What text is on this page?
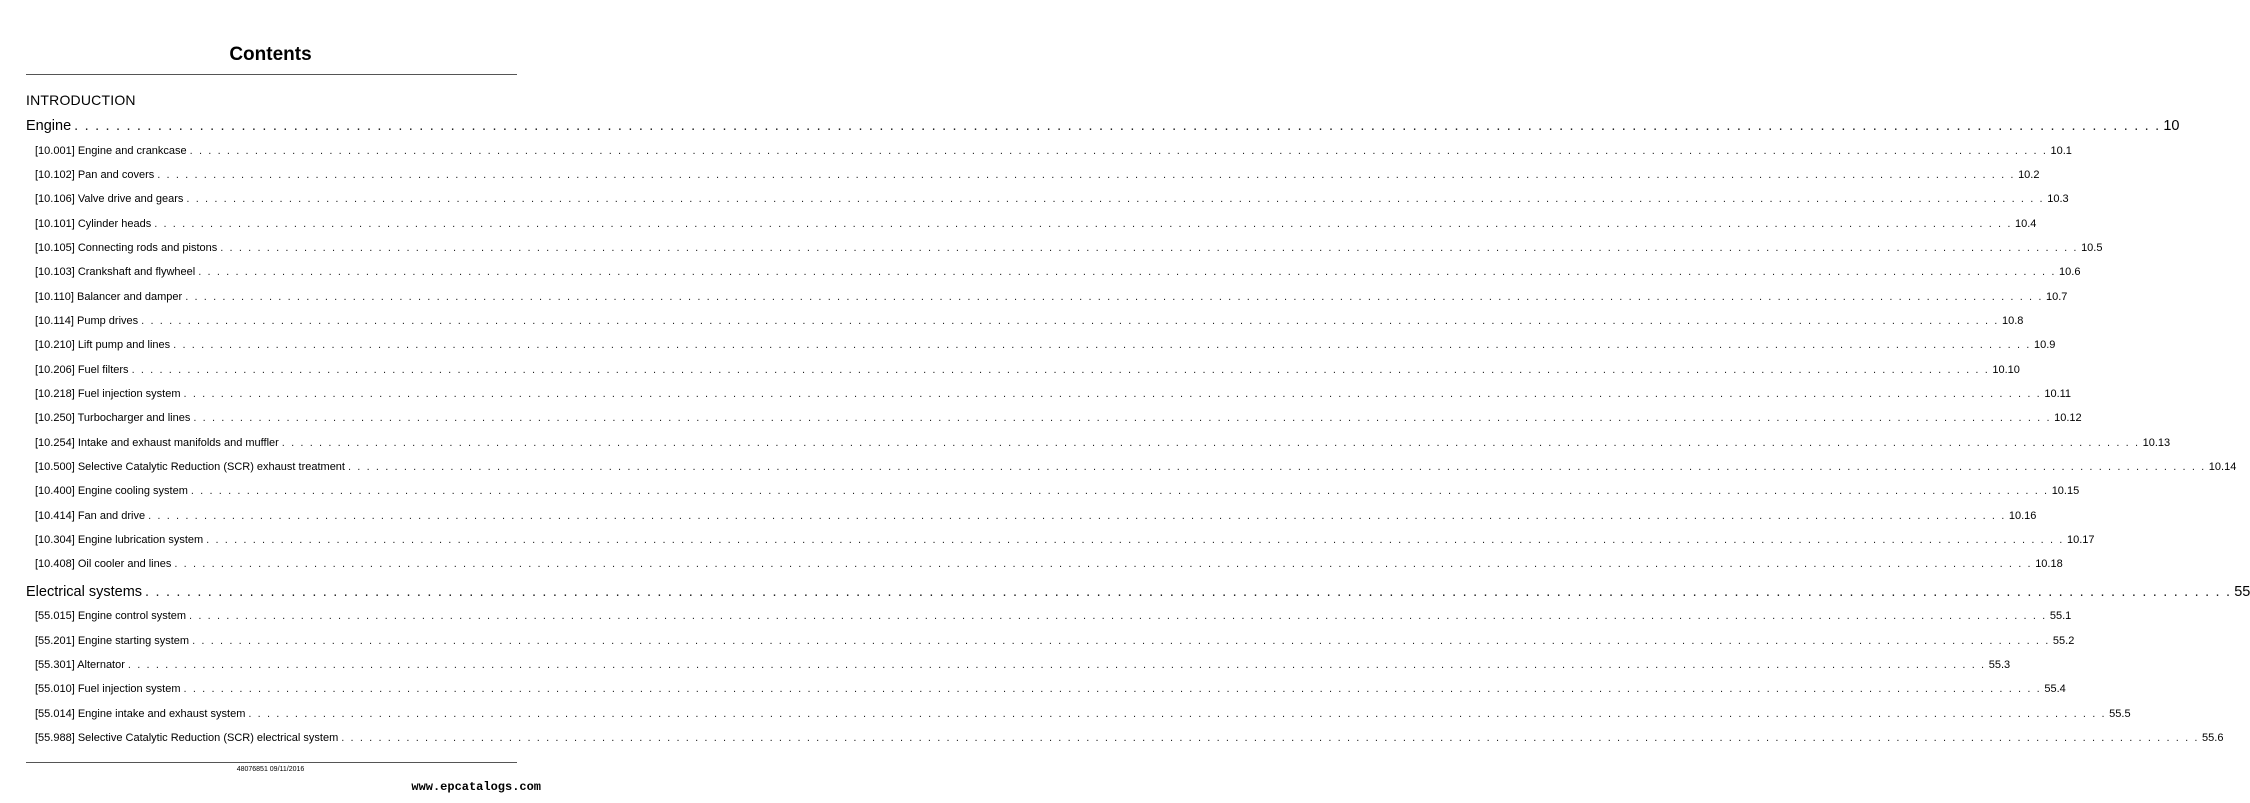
Contents
INTRODUCTION
Engine . . . . . . . . . . . . . . . . . . . . . . . . . . . . . . . . . . . . . . . . . . . . . . . . . . . . . . . . . . . . . . . . . . . . . . . . . . . . . . . . . . . . . . . . . . . . . . . . . . . . . . . . . . . . . . . . . . . . . . . . . . . . . . . . . . . . . . . . . . . . . . . . . . . . . . . . . . . . . . . . . . . . . . . . . . . . . . . . . . . . . . . . . . . . . . . . . . . . . . . . 10
[10.001] Engine and crankcase . . . . . . . . . . . . . . . . . . . . . . . . . . . . . . . . . . . . . . . . . . . . . . . . . . . . . . . . . . . . . . . . . . . . . . . . . . . . . . . . . . . . . . . . . . . . . . . . . . . . . . . . . . . . . . . . . . . . . . . . . . . . . . . . . . . . . . . . . . . . . . . . . . . . . . . . . . . . . . . . . . . . . . . . . . . . . . . . . . . . . . . . . . . . . . . . . . . . . . . . 10.1
[10.102] Pan and covers . . . . . . . . . . . . . . . . . . . . . . . . . . . . . . . . . . . . . . . . . . . . . . . . . . . . . . . . . . . . . . . . . . . . . . . . . . . . . . . . . . . . . . . . . . . . . . . . . . . . . . . . . . . . . . . . . . . . . . . . . . . . . . . . . . . . . . . . . . . . . . . . . . . . . . . . . . . . . . . . . . . . . . . . . . . . . . . . . . . . . . . . . . . . . . . . . . . . . . . . 10.2
[10.106] Valve drive and gears . . . . . . . . . . . . . . . . . . . . . . . . . . . . . . . . . . . . . . . . . . . . . . . . . . . . . . . . . . . . . . . . . . . . . . . . . . . . . . . . . . . . . . . . . . . . . . . . . . . . . . . . . . . . . . . . . . . . . . . . . . . . . . . . . . . . . . . . . . . . . . . . . . . . . . . . . . . . . . . . . . . . . . . . . . . . . . . . . . . . . . . . . . . . . . . . . . . . . . . . 10.3
[10.101] Cylinder heads . . . . . . . . . . . . . . . . . . . . . . . . . . . . . . . . . . . . . . . . . . . . . . . . . . . . . . . . . . . . . . . . . . . . . . . . . . . . . . . . . . . . . . . . . . . . . . . . . . . . . . . . . . . . . . . . . . . . . . . . . . . . . . . . . . . . . . . . . . . . . . . . . . . . . . . . . . . . . . . . . . . . . . . . . . . . . . . . . . . . . . . . . . . . . . . . . . . . . . . . 10.4
[10.105] Connecting rods and pistons . . . . . . . . . . . . . . . . . . . . . . . . . . . . . . . . . . . . . . . . . . . . . . . . . . . . . . . . . . . . . . . . . . . . . . . . . . . . . . . . . . . . . . . . . . . . . . . . . . . . . . . . . . . . . . . . . . . . . . . . . . . . . . . . . . . . . . . . . . . . . . . . . . . . . . . . . . . . . . . . . . . . . . . . . . . . . . . . . . . . . . . . . . . . . . . . . . . . . . . . 10.5
[10.103] Crankshaft and flywheel . . . . . . . . . . . . . . . . . . . . . . . . . . . . . . . . . . . . . . . . . . . . . . . . . . . . . . . . . . . . . . . . . . . . . . . . . . . . . . . . . . . . . . . . . . . . . . . . . . . . . . . . . . . . . . . . . . . . . . . . . . . . . . . . . . . . . . . . . . . . . . . . . . . . . . . . . . . . . . . . . . . . . . . . . . . . . . . . . . . . . . . . . . . . . . . . . . . . . . . . 10.6
[10.110] Balancer and damper . . . . . . . . . . . . . . . . . . . . . . . . . . . . . . . . . . . . . . . . . . . . . . . . . . . . . . . . . . . . . . . . . . . . . . . . . . . . . . . . . . . . . . . . . . . . . . . . . . . . . . . . . . . . . . . . . . . . . . . . . . . . . . . . . . . . . . . . . . . . . . . . . . . . . . . . . . . . . . . . . . . . . . . . . . . . . . . . . . . . . . . . . . . . . . . . . . . . . . . . 10.7
[10.114] Pump drives . . . . . . . . . . . . . . . . . . . . . . . . . . . . . . . . . . . . . . . . . . . . . . . . . . . . . . . . . . . . . . . . . . . . . . . . . . . . . . . . . . . . . . . . . . . . . . . . . . . . . . . . . . . . . . . . . . . . . . . . . . . . . . . . . . . . . . . . . . . . . . . . . . . . . . . . . . . . . . . . . . . . . . . . . . . . . . . . . . . . . . . . . . . . . . . . . . . . . . . . 10.8
[10.210] Lift pump and lines . . . . . . . . . . . . . . . . . . . . . . . . . . . . . . . . . . . . . . . . . . . . . . . . . . . . . . . . . . . . . . . . . . . . . . . . . . . . . . . . . . . . . . . . . . . . . . . . . . . . . . . . . . . . . . . . . . . . . . . . . . . . . . . . . . . . . . . . . . . . . . . . . . . . . . . . . . . . . . . . . . . . . . . . . . . . . . . . . . . . . . . . . . . . . . . . . . . . . . . . 10.9
[10.206] Fuel filters . . . . . . . . . . . . . . . . . . . . . . . . . . . . . . . . . . . . . . . . . . . . . . . . . . . . . . . . . . . . . . . . . . . . . . . . . . . . . . . . . . . . . . . . . . . . . . . . . . . . . . . . . . . . . . . . . . . . . . . . . . . . . . . . . . . . . . . . . . . . . . . . . . . . . . . . . . . . . . . . . . . . . . . . . . . . . . . . . . . . . . . . . . . . . . . . . . . . . . . . 10.10
[10.218] Fuel injection system . . . . . . . . . . . . . . . . . . . . . . . . . . . . . . . . . . . . . . . . . . . . . . . . . . . . . . . . . . . . . . . . . . . . . . . . . . . . . . . . . . . . . . . . . . . . . . . . . . . . . . . . . . . . . . . . . . . . . . . . . . . . . . . . . . . . . . . . . . . . . . . . . . . . . . . . . . . . . . . . . . . . . . . . . . . . . . . . . . . . . . . . . . . . . . . . . . . . . . . . 10.11
[10.250] Turbocharger and lines . . . . . . . . . . . . . . . . . . . . . . . . . . . . . . . . . . . . . . . . . . . . . . . . . . . . . . . . . . . . . . . . . . . . . . . . . . . . . . . . . . . . . . . . . . . . . . . . . . . . . . . . . . . . . . . . . . . . . . . . . . . . . . . . . . . . . . . . . . . . . . . . . . . . . . . . . . . . . . . . . . . . . . . . . . . . . . . . . . . . . . . . . . . . . . . . . . . . . . . . 10.12
[10.254] Intake and exhaust manifolds and muffler . . . . . . . . . . . . . . . . . . . . . . . . . . . . . . . . . . . . . . . . . . . . . . . . . . . . . . . . . . . . . . . . . . . . . . . . . . . . . . . . . . . . . . . . . . . . . . . . . . . . . . . . . . . . . . . . . . . . . . . . . . . . . . . . . . . . . . . . . . . . . . . . . . . . . . . . . . . . . . . . . . . . . . . . . . . . . . . . . . . . . . . . . . . . . . . . . . . . . . . . 10.13
[10.500] Selective Catalytic Reduction (SCR) exhaust treatment . . . . . . . . . . . . . . . . . . . . . . . . . . . . . . . . . . . . . . . . . . . . . . . . . . . . . . . . . . . . . . . . . . . . . . . . . . . . . . . . . . . . . . . . . . . . . . . . . . . . . . . . . . . . . . . . . . . . . . . . . . . . . . . . . . . . . . . . . . . . . . . . . . . . . . . . . . . . . . . . . . . . . . . . . . . . . . . . . . . . . . . . . . . . . . . . . . . . . . . . 10.14
[10.400] Engine cooling system . . . . . . . . . . . . . . . . . . . . . . . . . . . . . . . . . . . . . . . . . . . . . . . . . . . . . . . . . . . . . . . . . . . . . . . . . . . . . . . . . . . . . . . . . . . . . . . . . . . . . . . . . . . . . . . . . . . . . . . . . . . . . . . . . . . . . . . . . . . . . . . . . . . . . . . . . . . . . . . . . . . . . . . . . . . . . . . . . . . . . . . . . . . . . . . . . . . . . . . . 10.15
[10.414] Fan and drive . . . . . . . . . . . . . . . . . . . . . . . . . . . . . . . . . . . . . . . . . . . . . . . . . . . . . . . . . . . . . . . . . . . . . . . . . . . . . . . . . . . . . . . . . . . . . . . . . . . . . . . . . . . . . . . . . . . . . . . . . . . . . . . . . . . . . . . . . . . . . . . . . . . . . . . . . . . . . . . . . . . . . . . . . . . . . . . . . . . . . . . . . . . . . . . . . . . . . . . . 10.16
[10.304] Engine lubrication system . . . . . . . . . . . . . . . . . . . . . . . . . . . . . . . . . . . . . . . . . . . . . . . . . . . . . . . . . . . . . . . . . . . . . . . . . . . . . . . . . . . . . . . . . . . . . . . . . . . . . . . . . . . . . . . . . . . . . . . . . . . . . . . . . . . . . . . . . . . . . . . . . . . . . . . . . . . . . . . . . . . . . . . . . . . . . . . . . . . . . . . . . . . . . . . . . . . . . . . . 10.17
[10.408] Oil cooler and lines . . . . . . . . . . . . . . . . . . . . . . . . . . . . . . . . . . . . . . . . . . . . . . . . . . . . . . . . . . . . . . . . . . . . . . . . . . . . . . . . . . . . . . . . . . . . . . . . . . . . . . . . . . . . . . . . . . . . . . . . . . . . . . . . . . . . . . . . . . . . . . . . . . . . . . . . . . . . . . . . . . . . . . . . . . . . . . . . . . . . . . . . . . . . . . . . . . . . . . . . 10.18
Electrical systems . . . . . . . . . . . . . . . . . . . . . . . . . . . . . . . . . . . . . . . . . . . . . . . . . . . . . . . . . . . . . . . . . . . . . . . . . . . . . . . . . . . . . . . . . . . . . . . . . . . . . . . . . . . . . . . . . . . . . . . . . . . . . . . . . . . . . . . . . . . . . . . . . . . . . . . . . . . . . . . . . . . . . . . . . . . . . . . . . . . . . . . . . . . . . . . . . . . . . . . . 55
[55.015] Engine control system . . . . . . . . . . . . . . . . . . . . . . . . . . . . . . . . . . . . . . . . . . . . . . . . . . . . . . . . . . . . . . . . . . . . . . . . . . . . . . . . . . . . . . . . . . . . . . . . . . . . . . . . . . . . . . . . . . . . . . . . . . . . . . . . . . . . . . . . . . . . . . . . . . . . . . . . . . . . . . . . . . . . . . . . . . . . . . . . . . . . . . . . . . . . . . . . . . . . . . . . 55.1
[55.201] Engine starting system . . . . . . . . . . . . . . . . . . . . . . . . . . . . . . . . . . . . . . . . . . . . . . . . . . . . . . . . . . . . . . . . . . . . . . . . . . . . . . . . . . . . . . . . . . . . . . . . . . . . . . . . . . . . . . . . . . . . . . . . . . . . . . . . . . . . . . . . . . . . . . . . . . . . . . . . . . . . . . . . . . . . . . . . . . . . . . . . . . . . . . . . . . . . . . . . . . . . . . . . 55.2
[55.301] Alternator . . . . . . . . . . . . . . . . . . . . . . . . . . . . . . . . . . . . . . . . . . . . . . . . . . . . . . . . . . . . . . . . . . . . . . . . . . . . . . . . . . . . . . . . . . . . . . . . . . . . . . . . . . . . . . . . . . . . . . . . . . . . . . . . . . . . . . . . . . . . . . . . . . . . . . . . . . . . . . . . . . . . . . . . . . . . . . . . . . . . . . . . . . . . . . . . . . . . . . . . 55.3
[55.010] Fuel injection system . . . . . . . . . . . . . . . . . . . . . . . . . . . . . . . . . . . . . . . . . . . . . . . . . . . . . . . . . . . . . . . . . . . . . . . . . . . . . . . . . . . . . . . . . . . . . . . . . . . . . . . . . . . . . . . . . . . . . . . . . . . . . . . . . . . . . . . . . . . . . . . . . . . . . . . . . . . . . . . . . . . . . . . . . . . . . . . . . . . . . . . . . . . . . . . . . . . . . . . . 55.4
[55.014] Engine intake and exhaust system . . . . . . . . . . . . . . . . . . . . . . . . . . . . . . . . . . . . . . . . . . . . . . . . . . . . . . . . . . . . . . . . . . . . . . . . . . . . . . . . . . . . . . . . . . . . . . . . . . . . . . . . . . . . . . . . . . . . . . . . . . . . . . . . . . . . . . . . . . . . . . . . . . . . . . . . . . . . . . . . . . . . . . . . . . . . . . . . . . . . . . . . . . . . . . . . . . . . . . . . 55.5
[55.988] Selective Catalytic Reduction (SCR) electrical system . . . . . . . . . . . . . . . . . . . . . . . . . . . . . . . . . . . . . . . . . . . . . . . . . . . . . . . . . . . . . . . . . . . . . . . . . . . . . . . . . . . . . . . . . . . . . . . . . . . . . . . . . . . . . . . . . . . . . . . . . . . . . . . . . . . . . . . . . . . . . . . . . . . . . . . . . . . . . . . . . . . . . . . . . . . . . . . . . . . . . . . . . . . . . . . . . . . . . . . . 55.6
48076851 09/11/2016
www.epcatalogs.com
